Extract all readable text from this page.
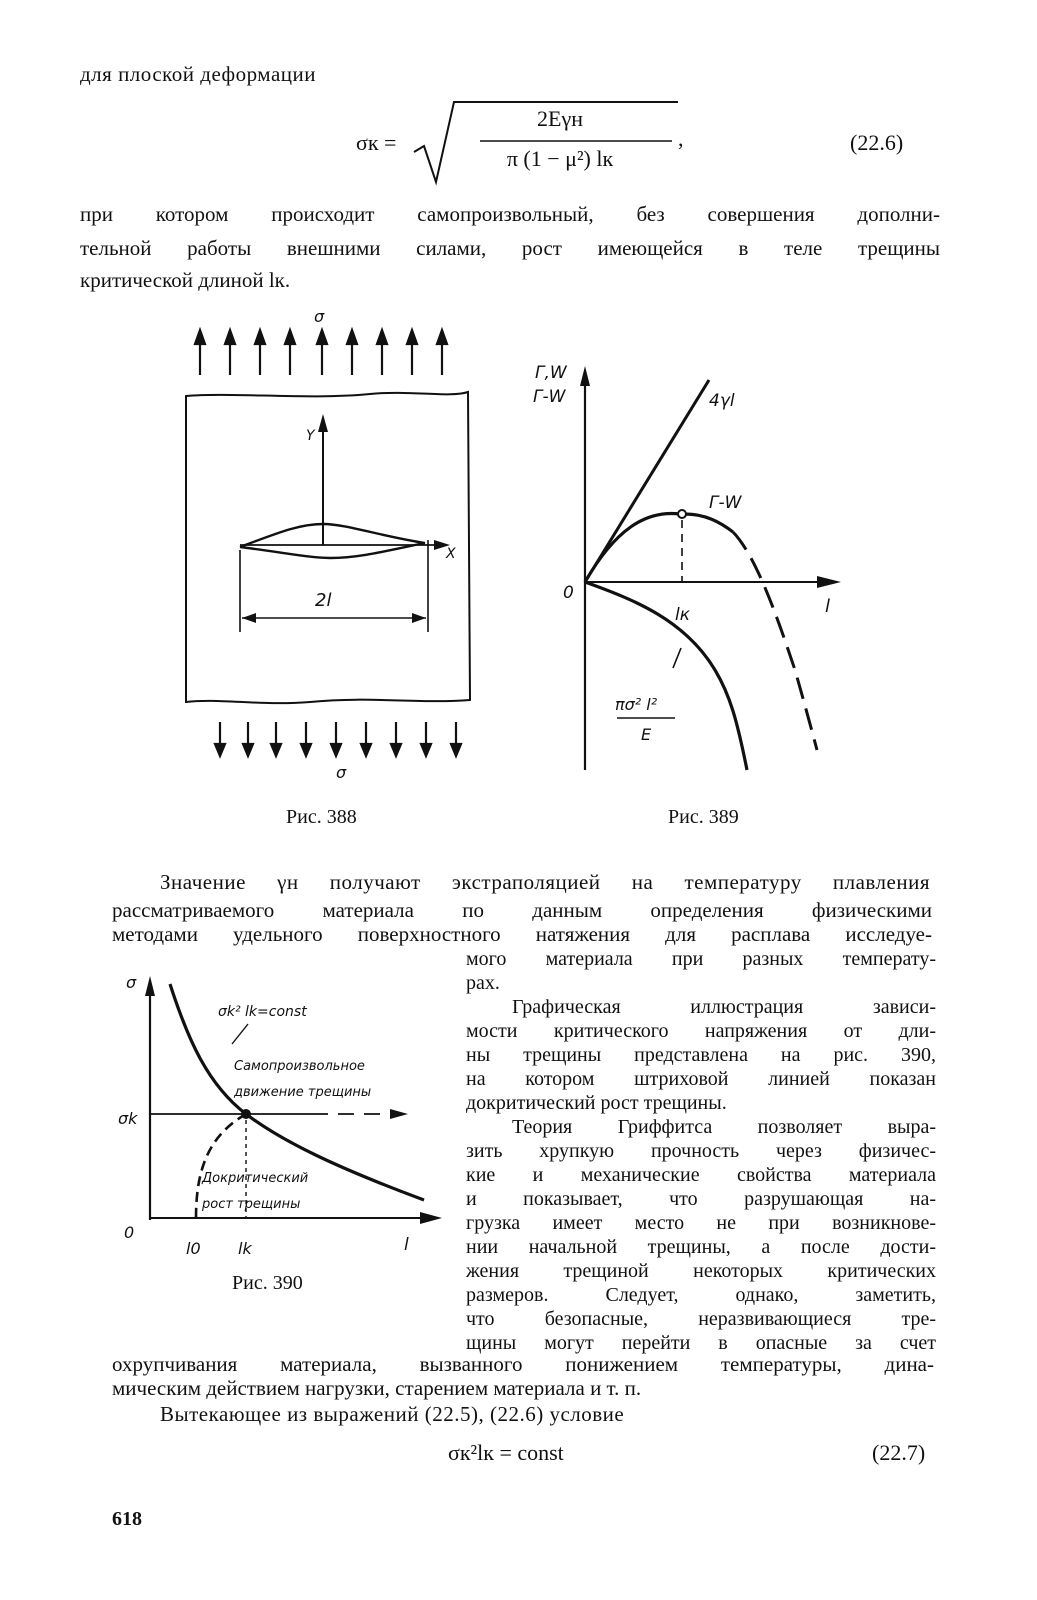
для плоской деформации
σк =
2Eγн
π (1 − μ²) lк
,	(22.6)
при котором происходит самопроизвольный, без совершения дополни-
тельной работы внешними силами, рост имеющейся в теле трещины
критической длиной lк.
σ
Y
X
2l
σ
Рис. 388
Г,W
Г-W
0
l
4γl
Г-W
lк
πσ² l²
E
Рис. 389
Значение γн получают экстраполяцией на температуру плавления
рассматриваемого материала по данным определения физическими
методами удельного поверхностного натяжения для расплава исследуе-
мого материала при разных температу-
рах.
Графическая иллюстрация зависи-
мости критического напряжения от дли-
ны трещины представлена на рис. 390,
на котором штриховой линией показан
докритический рост трещины.
Теория Гриффитса позволяет выра-
зить хрупкую прочность через физичес-
кие и механические свойства материала
и показывает, что разрушающая на-
грузка имеет место не при возникнове-
нии начальной трещины, а после дости-
жения трещиной некоторых критических
размеров. Следует, однако, заметить,
что безопасные, неразвивающиеся тре-
щины могут перейти в опасные за счет
σ
σk
0
l0 lk	l
σk² lk=const
Самопроизвольное
движение трещины
Докритический
рост трещины
Рис. 390
охрупчивания материала, вызванного понижением температуры, дина-
мическим действием нагрузки, старением материала и т. п.
Вытекающее из выражений (22.5), (22.6) условие
σк²lк = const	(22.7)
618
